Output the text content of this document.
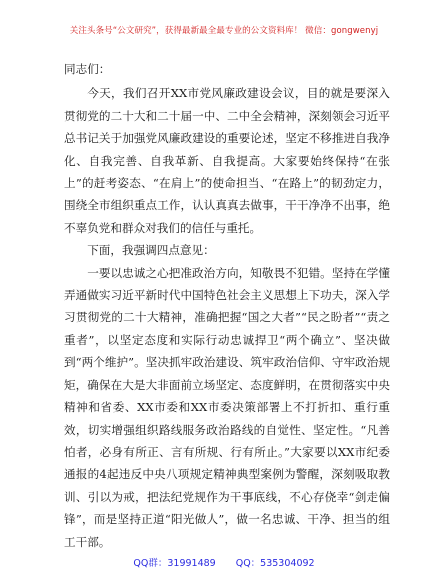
关注头条号“公文研究”，获得最新最全最专业的公文资料库！ 微信：gongwenyj

同志们：

今天，我们召开XX市党风廉政建设会议，目的就是要深入贯彻党的二十大和二十届一中、二中全会精神，深刻领会习近平总书记关于加强党风廉政建设的重要论述，坚定不移推进自我净化、自我完善、自我革新、自我提高。大家要始终保持“在张上”的赶考姿态、“在肩上”的使命担当、“在路上”的韧劲定力，围绕全市组织重点工作，认认真真去做事，干干净净不出事，绝不辜负党和群众对我们的信任与重托。

下面，我强调四点意见：

一要以忠诚之心把准政治方向，知敬畏不犯错。坚持在学懂弄通做实习近平新时代中国特色社会主义思想上下功夫，深入学习贯彻党的二十大精神，准确把握“国之大者”“民之盼者”“责之重者”，以坚定态度和实际行动忠诚捍卫“两个确立”、坚决做到“两个维护”。坚决抓牢政治建设、筑牢政治信仰、守牢政治规矩，确保在大是大非面前立场坚定、态度鲜明，在贯彻落实中央精神和省委、XX市委和XX市委决策部署上不打折扣、重行重效，切实增强组织路线服务政治路线的自觉性、坚定性。“凡善怕者，必身有所正、言有所规、行有所止。”大家要以XX市纪委通报的4起违反中央八项规定精神典型案例为警醒，深刻吸取教训、引以为戒，把法纪党规作为干事底线，不心存侥幸“剑走偏锋”，而是坚持正道“阳光做人”，做一名忠诚、干净、担当的组工干部。

QQ群：31991489 QQ：535304092
